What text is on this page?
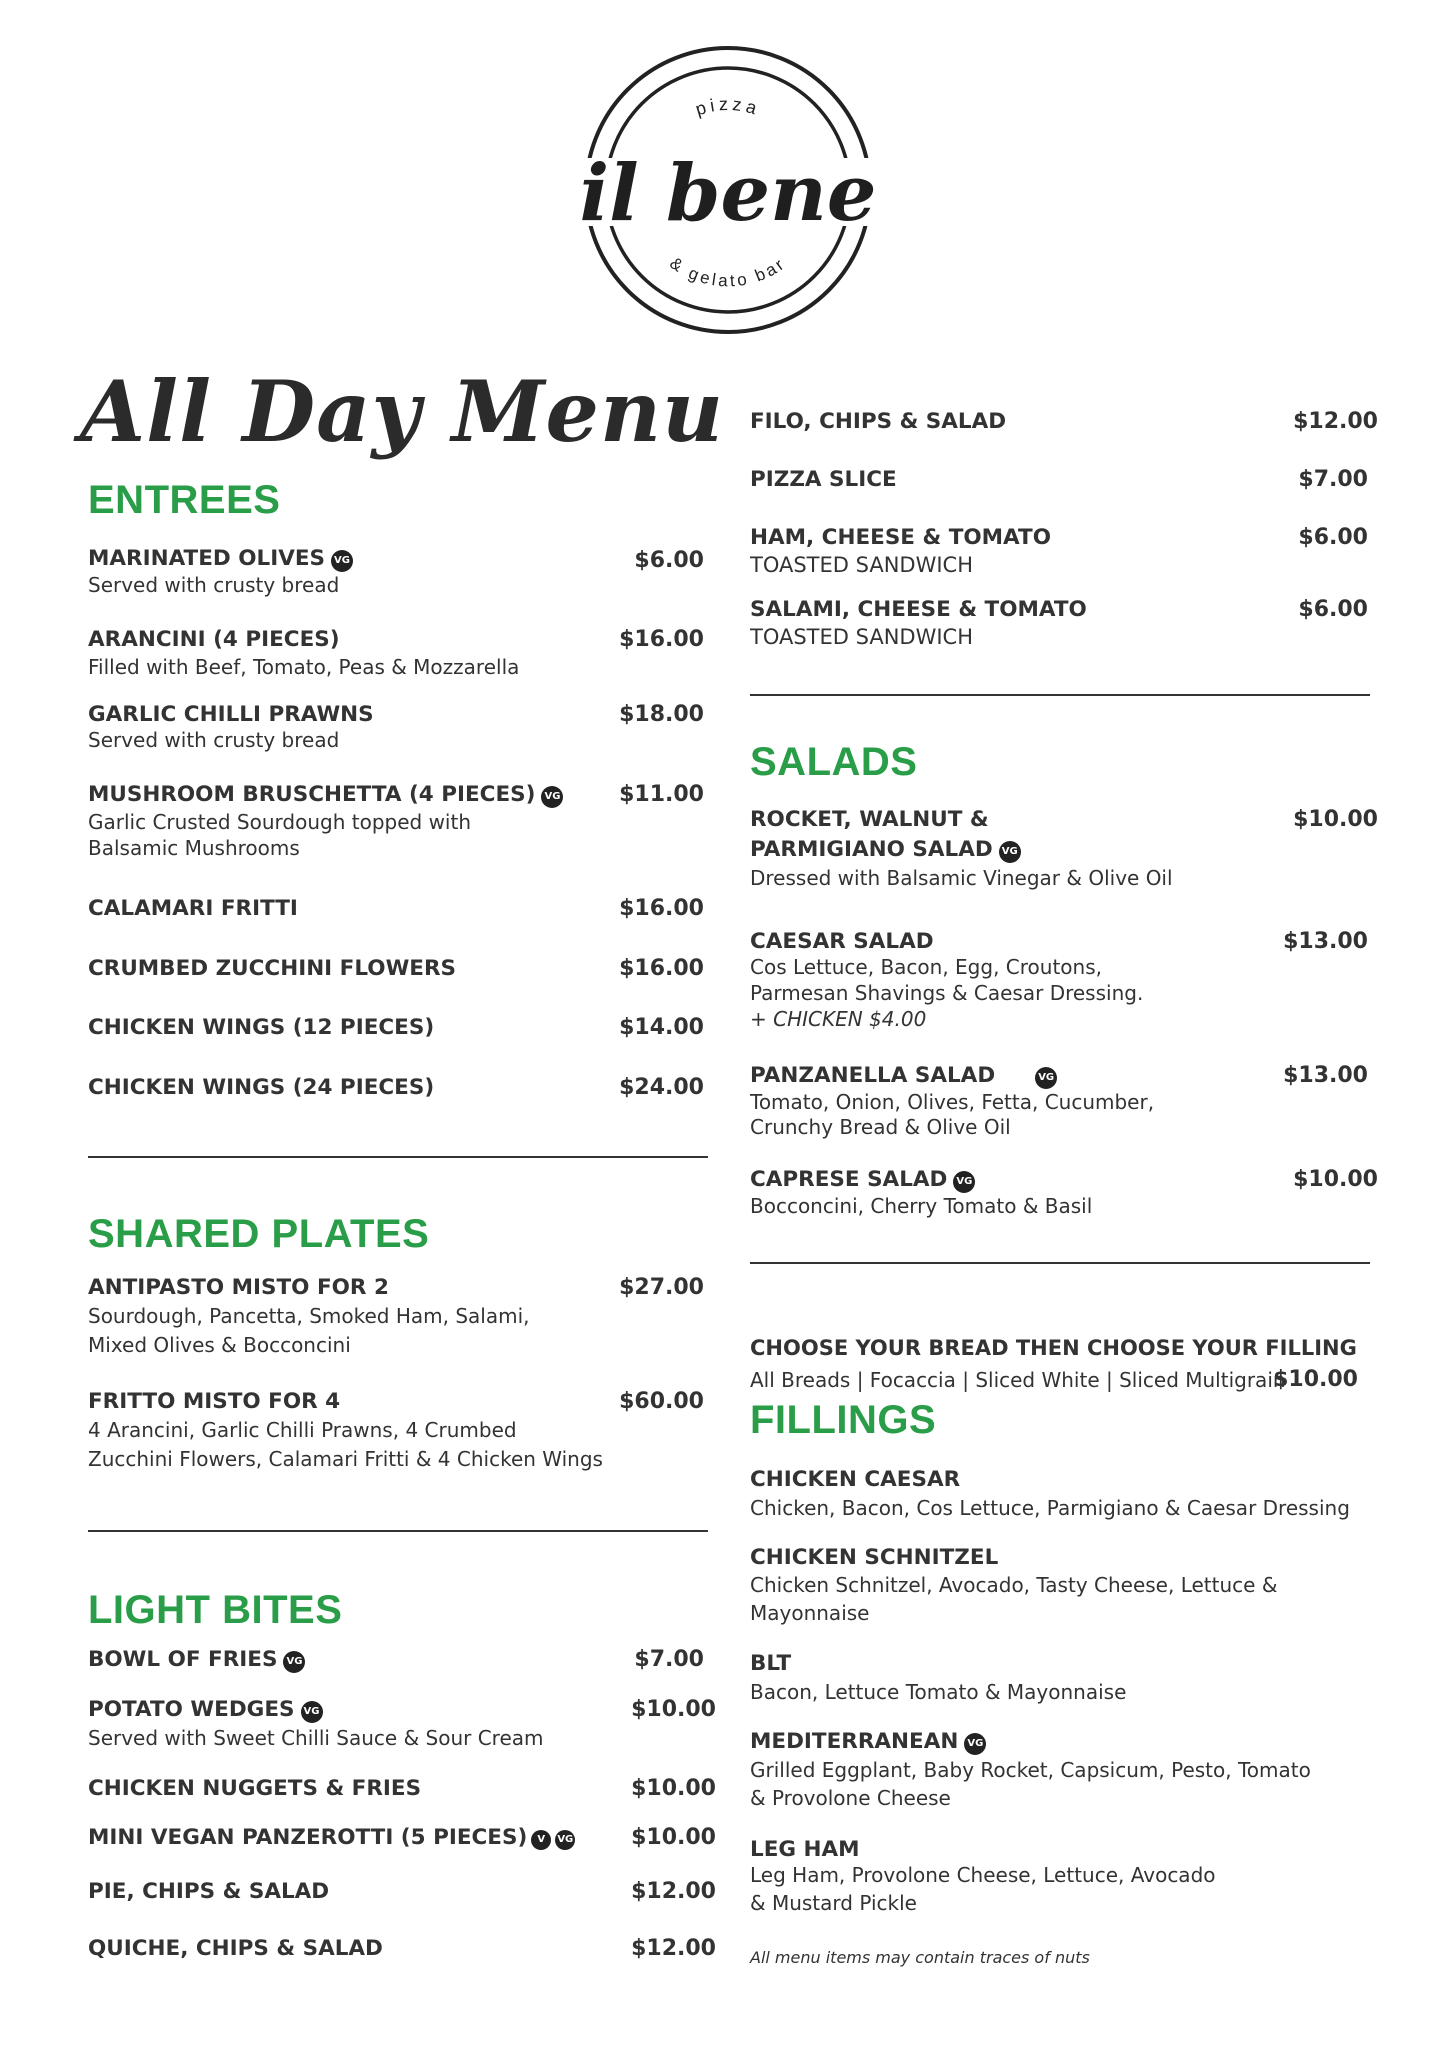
pizza
& gelato bar
il bene
All Day Menu
ENTREES
MARINATED OLIVES VG
Served with crusty bread
$6.00
ARANCINI (4 PIECES)
Filled with Beef, Tomato, Peas & Mozzarella
$16.00
GARLIC CHILLI PRAWNS
Served with crusty bread
$18.00
MUSHROOM BRUSCHETTA (4 PIECES) VG
Garlic Crusted Sourdough topped with
Balsamic Mushrooms
$11.00
CALAMARI FRITTI	$16.00
CRUMBED ZUCCHINI FLOWERS	$16.00
CHICKEN WINGS (12 PIECES)	$14.00
CHICKEN WINGS (24 PIECES)	$24.00
SHARED PLATES
ANTIPASTO MISTO FOR 2
Sourdough, Pancetta, Smoked Ham, Salami,
Mixed Olives & Bocconcini
$27.00
FRITTO MISTO FOR 4
4 Arancini, Garlic Chilli Prawns, 4 Crumbed
Zucchini Flowers, Calamari Fritti & 4 Chicken Wings
$60.00
LIGHT BITES
BOWL OF FRIES VG	$7.00
POTATO WEDGES VG
Served with Sweet Chilli Sauce & Sour Cream
$10.00
CHICKEN NUGGETS & FRIES	$10.00
MINI VEGAN PANZEROTTI (5 PIECES) V VG	$10.00
PIE, CHIPS & SALAD	$12.00
QUICHE, CHIPS & SALAD	$12.00
FILO, CHIPS & SALAD	$12.00
PIZZA SLICE	$7.00
HAM, CHEESE & TOMATO
TOASTED SANDWICH
$6.00
SALAMI, CHEESE & TOMATO
TOASTED SANDWICH
$6.00
SALADS
ROCKET, WALNUT &
PARMIGIANO SALAD VG
Dressed with Balsamic Vinegar & Olive Oil
$10.00
CAESAR SALAD
Cos Lettuce, Bacon, Egg, Croutons,
Parmesan Shavings & Caesar Dressing.
+ CHICKEN $4.00
$13.00
PANZANELLA SALAD	VG
Tomato, Onion, Olives, Fetta, Cucumber,
Crunchy Bread & Olive Oil
$13.00
CAPRESE SALAD VG
Bocconcini, Cherry Tomato & Basil
$10.00
CHOOSE YOUR BREAD THEN CHOOSE YOUR FILLING
All Breads | Focaccia | Sliced White | Sliced Multigrain
$10.00
FILLINGS
CHICKEN CAESAR
Chicken, Bacon, Cos Lettuce, Parmigiano & Caesar Dressing
CHICKEN SCHNITZEL
Chicken Schnitzel, Avocado, Tasty Cheese, Lettuce &
Mayonnaise
BLT
Bacon, Lettuce Tomato & Mayonnaise
MEDITERRANEAN VG
Grilled Eggplant, Baby Rocket, Capsicum, Pesto, Tomato
& Provolone Cheese
LEG HAM
Leg Ham, Provolone Cheese, Lettuce, Avocado
& Mustard Pickle
All menu items may contain traces of nuts
